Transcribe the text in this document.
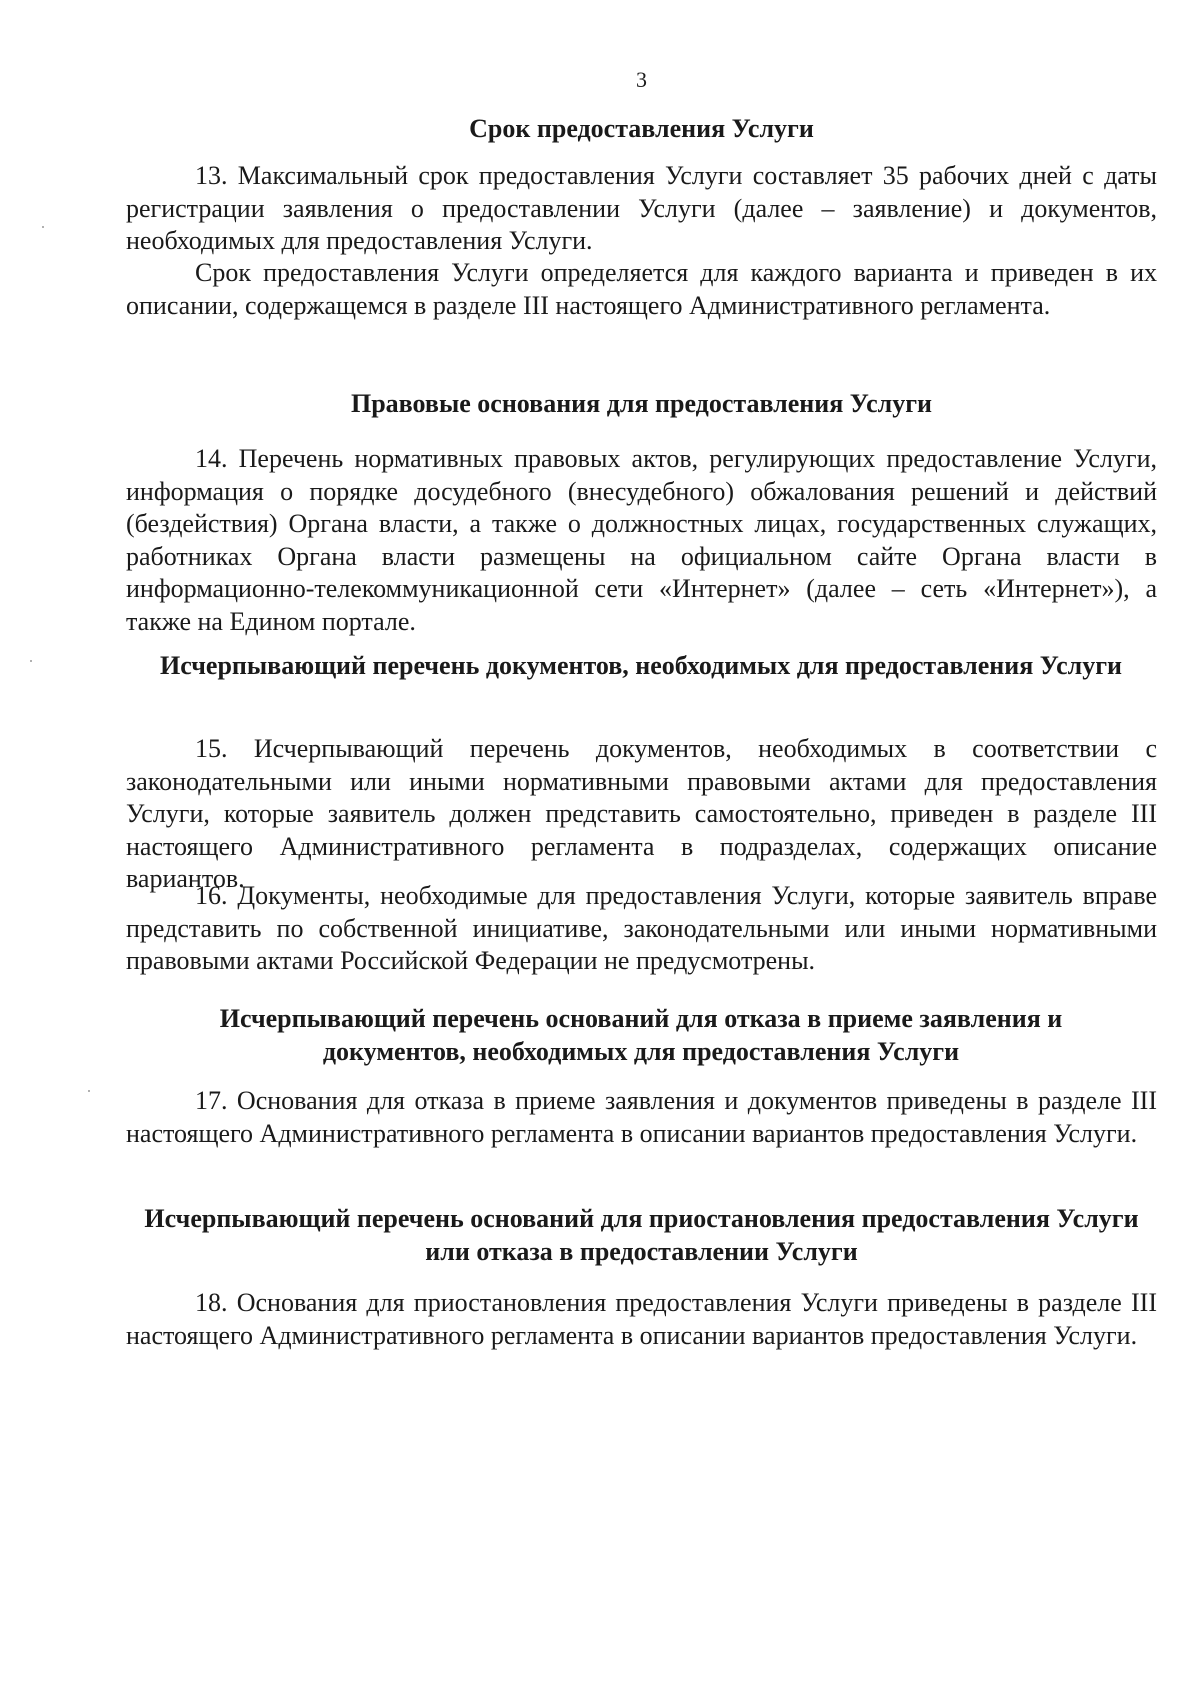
3
Срок предоставления Услуги

13. Максимальный срок предоставления Услуги составляет 35 рабочих дней с даты регистрации заявления о предоставлении Услуги (далее – заявление) и документов, необходимых для предоставления Услуги.

Срок предоставления Услуги определяется для каждого варианта и приведен в их описании, содержащемся в разделе III настоящего Административного регламента.

Правовые основания для предоставления Услуги

14. Перечень нормативных правовых актов, регулирующих предоставление Услуги, информация о порядке досудебного (внесудебного) обжалования решений и действий (бездействия) Органа власти, а также о должностных лицах, государственных служащих, работниках Органа власти размещены на официальном сайте Органа власти в информационно-телекоммуникационной сети «Интернет» (далее – сеть «Интернет»), а также на Едином портале.

Исчерпывающий перечень документов, необходимых для предоставления Услуги

15. Исчерпывающий перечень документов, необходимых в соответствии с законодательными или иными нормативными правовыми актами для предоставления Услуги, которые заявитель должен представить самостоятельно, приведен в разделе III настоящего Административного регламента в подразделах, содержащих описание вариантов.

16. Документы, необходимые для предоставления Услуги, которые заявитель вправе представить по собственной инициативе, законодательными или иными нормативными правовыми актами Российской Федерации не предусмотрены.

Исчерпывающий перечень оснований для отказа в приеме заявления и документов, необходимых для предоставления Услуги

17. Основания для отказа в приеме заявления и документов приведены в разделе III настоящего Административного регламента в описании вариантов предоставления Услуги.

Исчерпывающий перечень оснований для приостановления предоставления Услуги или отказа в предоставлении Услуги

18. Основания для приостановления предоставления Услуги приведены в разделе III настоящего Административного регламента в описании вариантов предоставления Услуги.
